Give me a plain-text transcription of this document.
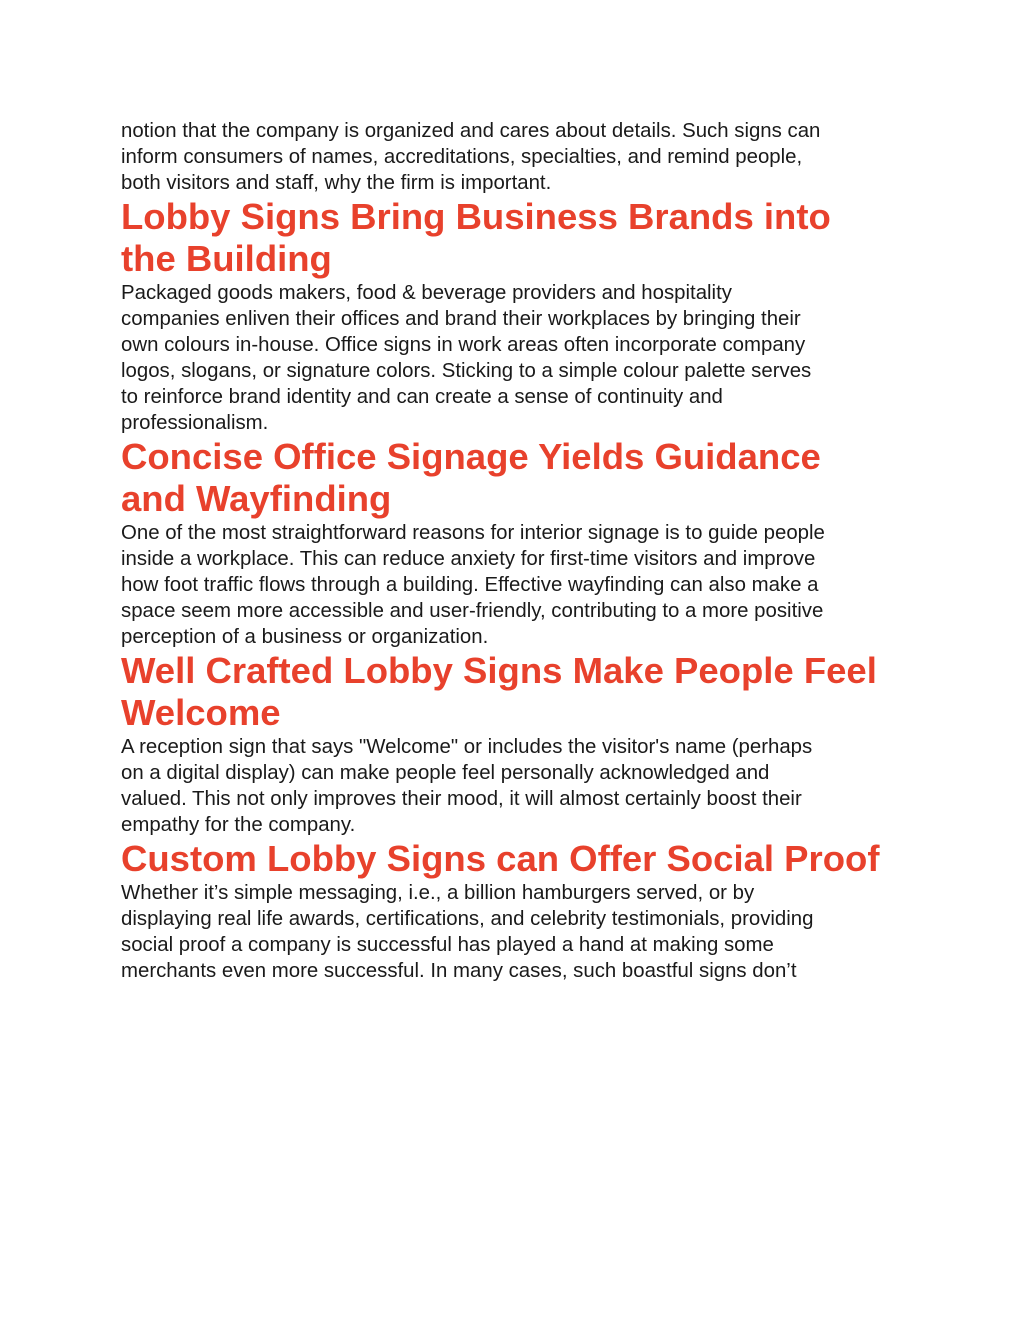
notion that the company is organized and cares about details. Such signs can
inform consumers of names, accreditations, specialties, and remind people,
both visitors and staff, why the firm is important.

Lobby Signs Bring Business Brands into
the Building

Packaged goods makers, food & beverage providers and hospitality
companies enliven their offices and brand their workplaces by bringing their
own colours in-house. Office signs in work areas often incorporate company
logos, slogans, or signature colors. Sticking to a simple colour palette serves
to reinforce brand identity and can create a sense of continuity and
professionalism.

Concise Office Signage Yields Guidance
and Wayfinding

One of the most straightforward reasons for interior signage is to guide people
inside a workplace. This can reduce anxiety for first-time visitors and improve
how foot traffic flows through a building. Effective wayfinding can also make a
space seem more accessible and user-friendly, contributing to a more positive
perception of a business or organization.

Well Crafted Lobby Signs Make People Feel
Welcome

A reception sign that says "Welcome" or includes the visitor's name (perhaps
on a digital display) can make people feel personally acknowledged and
valued. This not only improves their mood, it will almost certainly boost their
empathy for the company.

Custom Lobby Signs can Offer Social Proof

Whether it’s simple messaging, i.e., a billion hamburgers served, or by
displaying real life awards, certifications, and celebrity testimonials, providing
social proof a company is successful has played a hand at making some
merchants even more successful. In many cases, such boastful signs don’t
